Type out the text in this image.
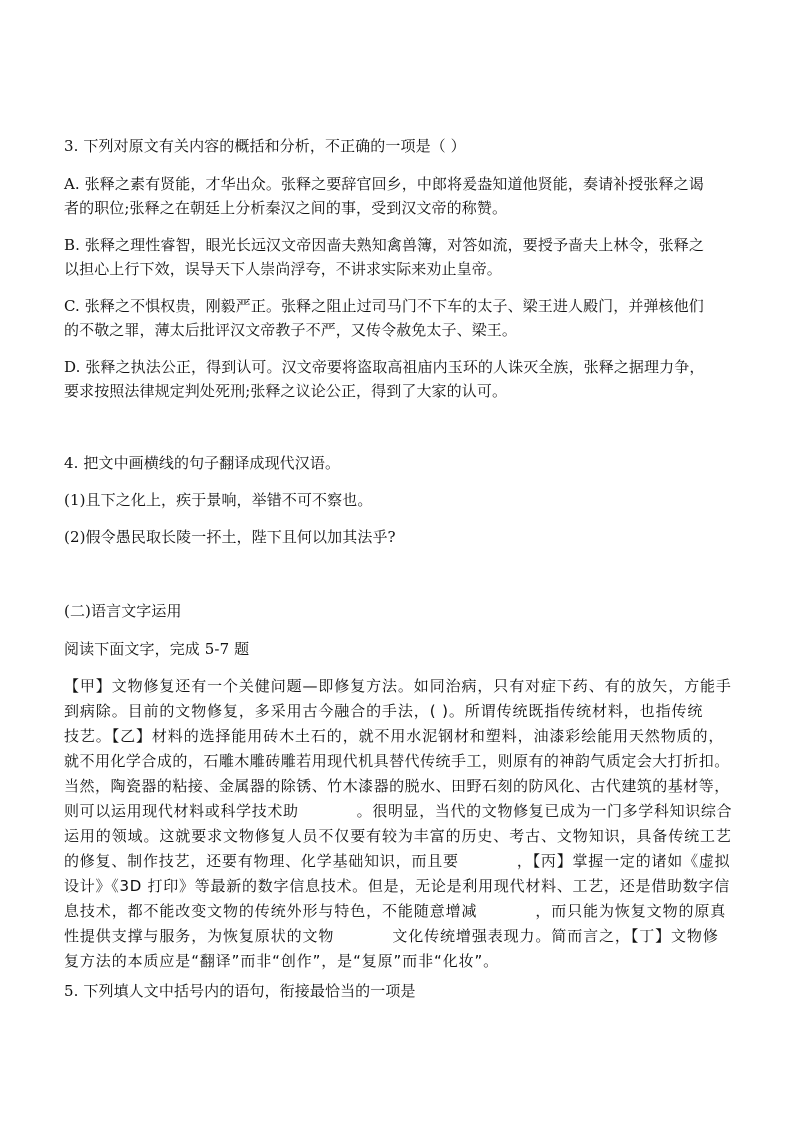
3. 下列对原文有关内容的概括和分析，不正确的一项是（ ）
A. 张释之素有贤能，才华出众。张释之要辞官回乡，中郎将爰盎知道他贤能，奏请补授张释之谒
者的职位;张释之在朝廷上分析秦汉之间的事，受到汉文帝的称赞。
B. 张释之理性睿智，眼光长远汉文帝因啬夫熟知禽兽簿，对答如流，要授予啬夫上林令，张释之
以担心上行下效，误导天下人崇尚浮夸，不讲求实际来劝止皇帝。
C. 张释之不惧权贵，刚毅严正。张释之阻止过司马门不下车的太子、梁王进人殿门，并弹核他们
的不敬之罪，薄太后批评汉文帝教子不严，又传令赦免太子、梁王。
D. 张释之执法公正，得到认可。汉文帝要将盗取高祖庙内玉环的人诛灭全族，张释之据理力争，
要求按照法律规定判处死刑;张释之议论公正，得到了大家的认可。
4. 把文中画横线的句子翻译成现代汉语。
(1)且下之化上，疾于景响，举错不可不察也。
(2)假令愚民取长陵一抔土，陛下且何以加其法乎?
(二)语言文字运用
阅读下面文字，完成 5-7 题
【甲】文物修复还有一个关健问题—即修复方法。如同治病，只有对症下药、有的放矢，方能手
到病除。目前的文物修复，多采用古今融合的手法，( )。所谓传统既指传统材料，也指传统
技艺。【乙】材料的选择能用砖木土石的，就不用水泥钢材和塑料，油漆彩绘能用天然物质的，
就不用化学合成的，石雕木雕砖雕若用现代机具替代传统手工，则原有的神韵气质定会大打折扣。
当然，陶瓷器的粘接、金属器的除锈、竹木漆器的脱水、田野石刻的防风化、古代建筑的基材等，
则可以运用现代材料或科学技术助	。很明显，当代的文物修复已成为一门多学科知识综合
运用的领域。这就要求文物修复人员不仅要有较为丰富的历史、考古、文物知识，具备传统工艺
的修复、制作技艺，还要有物理、化学基础知识，而且要	，【丙】掌握一定的诸如《虚拟
设计》《3D 打印》等最新的数字信息技术。但是，无论是利用现代材料、工艺，还是借助数字信
息技术，都不能改变文物的传统外形与特色，不能随意增减	，而只能为恢复文物的原真
性提供支撑与服务，为恢复原状的文物	文化传统增强表现力。简而言之，【丁】文物修
复方法的本质应是“翻译”而非“创作”，是“复原”而非“化妆”。
5. 下列填人文中括号内的语句，衔接最恰当的一项是
